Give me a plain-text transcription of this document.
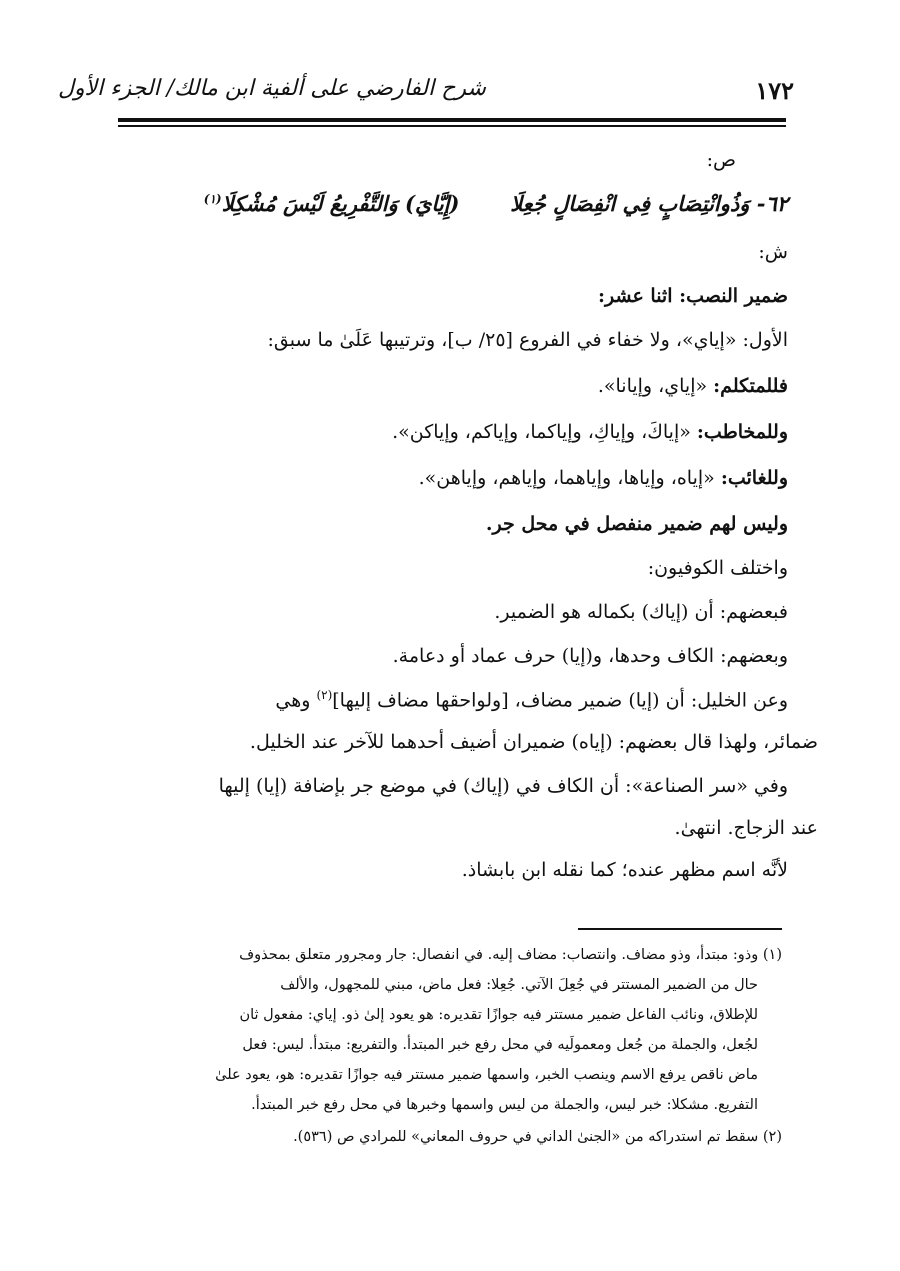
١٧٢
شرح الفارضي على ألفية ابن مالك/ الجزء الأول
ص:
٦٢- وَذُوانْتِصَابٍ فِي انْفِصَالٍ جُعِلَا  (إِيَّايَ) وَالتَّفْرِيعُ لَيْسَ مُشْكِلَا$^{(١)}$
ش:
ضمير النصب: اثنا عشر:
الأول: «إياي»، ولا خفاء في الفروع [٢٥/ ب]، وترتيبها عَلَىٰ ما سبق:
فللمتكلم: «إياي، وإيانا».
وللمخاطب: «إياكَ، وإياكِ، وإياكما، وإياكم، وإياكن».
وللغائب: «إياه، وإياها، وإياهما، وإياهم، وإياهن».
وليس لهم ضمير منفصل في محل جر.
واختلف الكوفيون:
فبعضهم: أن (إياك) بكماله هو الضمير.
وبعضهم: الكاف وحدها، و(إيا) حرف عماد أو دعامة.
وعن الخليل: أن (إيا) ضمير مضاف، [ولواحقها مضاف إليها]$^{(٢)}$ وهي
ضمائر، ولهذا قال بعضهم: (إياه) ضميران أضيف أحدهما للآخر عند الخليل.
وفي «سر الصناعة»: أن الكاف في (إياك) في موضع جر بإضافة (إيا) إليها
عند الزجاج. انتهىٰ.
لأنَّه اسم مظهر عنده؛ كما نقله ابن بابشاذ.
(١) وذو: مبتدأ، وذو مضاف. وانتصاب: مضاف إليه. في انفصال: جار ومجرور متعلق بمحذوف
حال من الضمير المستتر في جُعِلَ الآتي. جُعِلا: فعل ماض، مبني للمجهول، والألف
للإطلاق، ونائب الفاعل ضمير مستتر فيه جوازًا تقديره: هو يعود إلىٰ ذو. إياي: مفعول ثان
لجُعل، والجملة من جُعل ومعمولَيه في محل رفع خبر المبتدأ. والتفريع: مبتدأ. ليس: فعل
ماض ناقص يرفع الاسم وينصب الخبر، واسمها ضمير مستتر فيه جوازًا تقديره: هو، يعود علىٰ
التفريع. مشكلا: خبر ليس، والجملة من ليس واسمها وخبرها في محل رفع خبر المبتدأ.
(٢) سقط تم استدراكه من «الجنىٰ الداني في حروف المعاني» للمرادي ص (٥٣٦).
